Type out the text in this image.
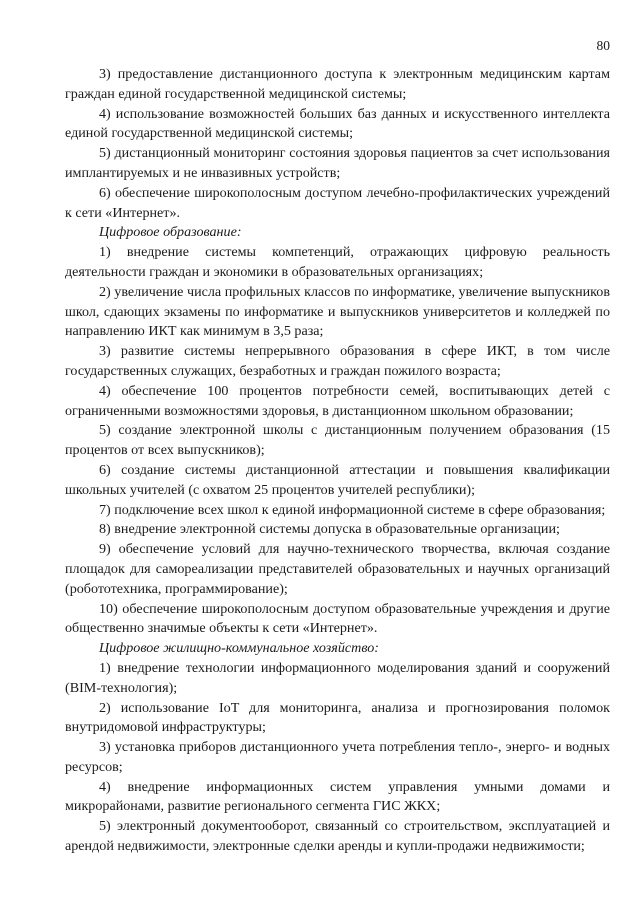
80

3) предоставление дистанционного доступа к электронным медицинским картам граждан единой государственной медицинской системы;

4) использование возможностей больших баз данных и искусственного интеллекта единой государственной медицинской системы;

5) дистанционный мониторинг состояния здоровья пациентов за счет использования имплантируемых и не инвазивных устройств;

6) обеспечение широкополосным доступом лечебно-профилактических учреждений к сети «Интернет».

Цифровое образование:

1) внедрение системы компетенций, отражающих цифровую реальность деятельности граждан и экономики в образовательных организациях;

2) увеличение числа профильных классов по информатике, увеличение выпускников школ, сдающих экзамены по информатике и выпускников университетов и колледжей по направлению ИКТ как минимум в 3,5 раза;

3) развитие системы непрерывного образования в сфере ИКТ, в том числе государственных служащих, безработных и граждан пожилого возраста;

4) обеспечение 100 процентов потребности семей, воспитывающих детей с ограниченными возможностями здоровья, в дистанционном школьном образовании;

5) создание электронной школы с дистанционным получением образования (15 процентов от всех выпускников);

6) создание системы дистанционной аттестации и повышения квалификации школьных учителей (с охватом 25 процентов учителей республики);

7) подключение всех школ к единой информационной системе в сфере образования;

8) внедрение электронной системы допуска в образовательные организации;

9) обеспечение условий для научно-технического творчества, включая создание площадок для самореализации представителей образовательных и научных организаций (робототехника, программирование);

10) обеспечение широкополосным доступом образовательные учреждения и другие общественно значимые объекты к сети «Интернет».

Цифровое жилищно-коммунальное хозяйство:

1) внедрение технологии информационного моделирования зданий и сооружений (BIM-технология);

2) использование IoT для мониторинга, анализа и прогнозирования поломок внутридомовой инфраструктуры;

3) установка приборов дистанционного учета потребления тепло-, энерго- и водных ресурсов;

4) внедрение информационных систем управления умными домами и микрорайонами, развитие регионального сегмента ГИС ЖКХ;

5) электронный документооборот, связанный со строительством, эксплуатацией и арендой недвижимости, электронные сделки аренды и купли-продажи недвижимости;
